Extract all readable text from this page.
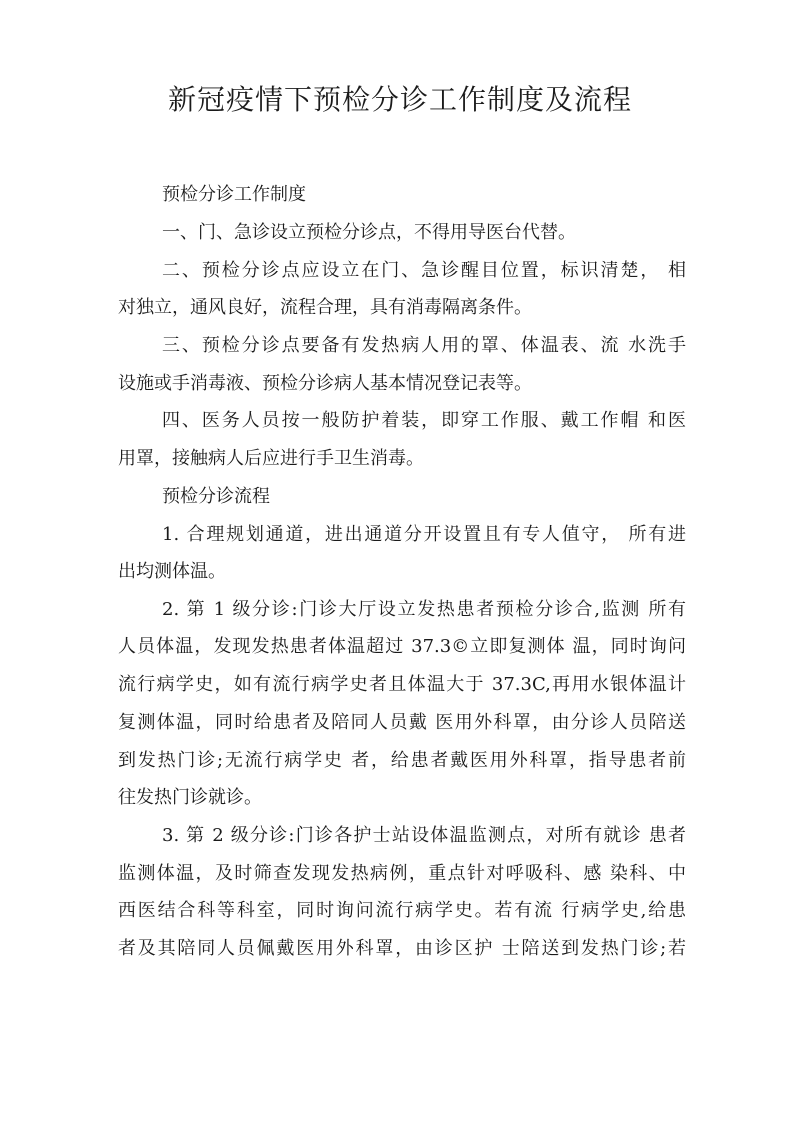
新冠疫情下预检分诊工作制度及流程

预检分诊工作制度

一、门、急诊设立预检分诊点，不得用导医台代替。

二、预检分诊点应设立在门、急诊醒目位置，标识清楚， 相

对独立，通风良好，流程合理，具有消毒隔离条件。

三、预检分诊点要备有发热病人用的罩、体温表、流 水洗手

设施或手消毒液、预检分诊病人基本情况登记表等。

四、医务人员按一般防护着装，即穿工作服、戴工作帽 和医

用罩，接触病人后应进行手卫生消毒。

预检分诊流程

1. 合理规划通道，进出通道分开设置且有专人值守， 所有进

出均测体温。

2. 第 1 级分诊:门诊大厅设立发热患者预检分诊合,监测 所有

人员体温，发现发热患者体温超过 37.3©立即复测体 温，同时询问

流行病学史，如有流行病学史者且体温大于 37.3C,再用水银体温计

复测体温，同时给患者及陪同人员戴 医用外科罩，由分诊人员陪送

到发热门诊;无流行病学史 者，给患者戴医用外科罩，指导患者前

往发热门诊就诊。

3. 第 2 级分诊:门诊各护士站设体温监测点，对所有就诊 患者

监测体温，及时筛查发现发热病例，重点针对呼吸科、感 染科、中

西医结合科等科室，同时询问流行病学史。若有流 行病学史,给患

者及其陪同人员佩戴医用外科罩，由诊区护 士陪送到发热门诊;若
